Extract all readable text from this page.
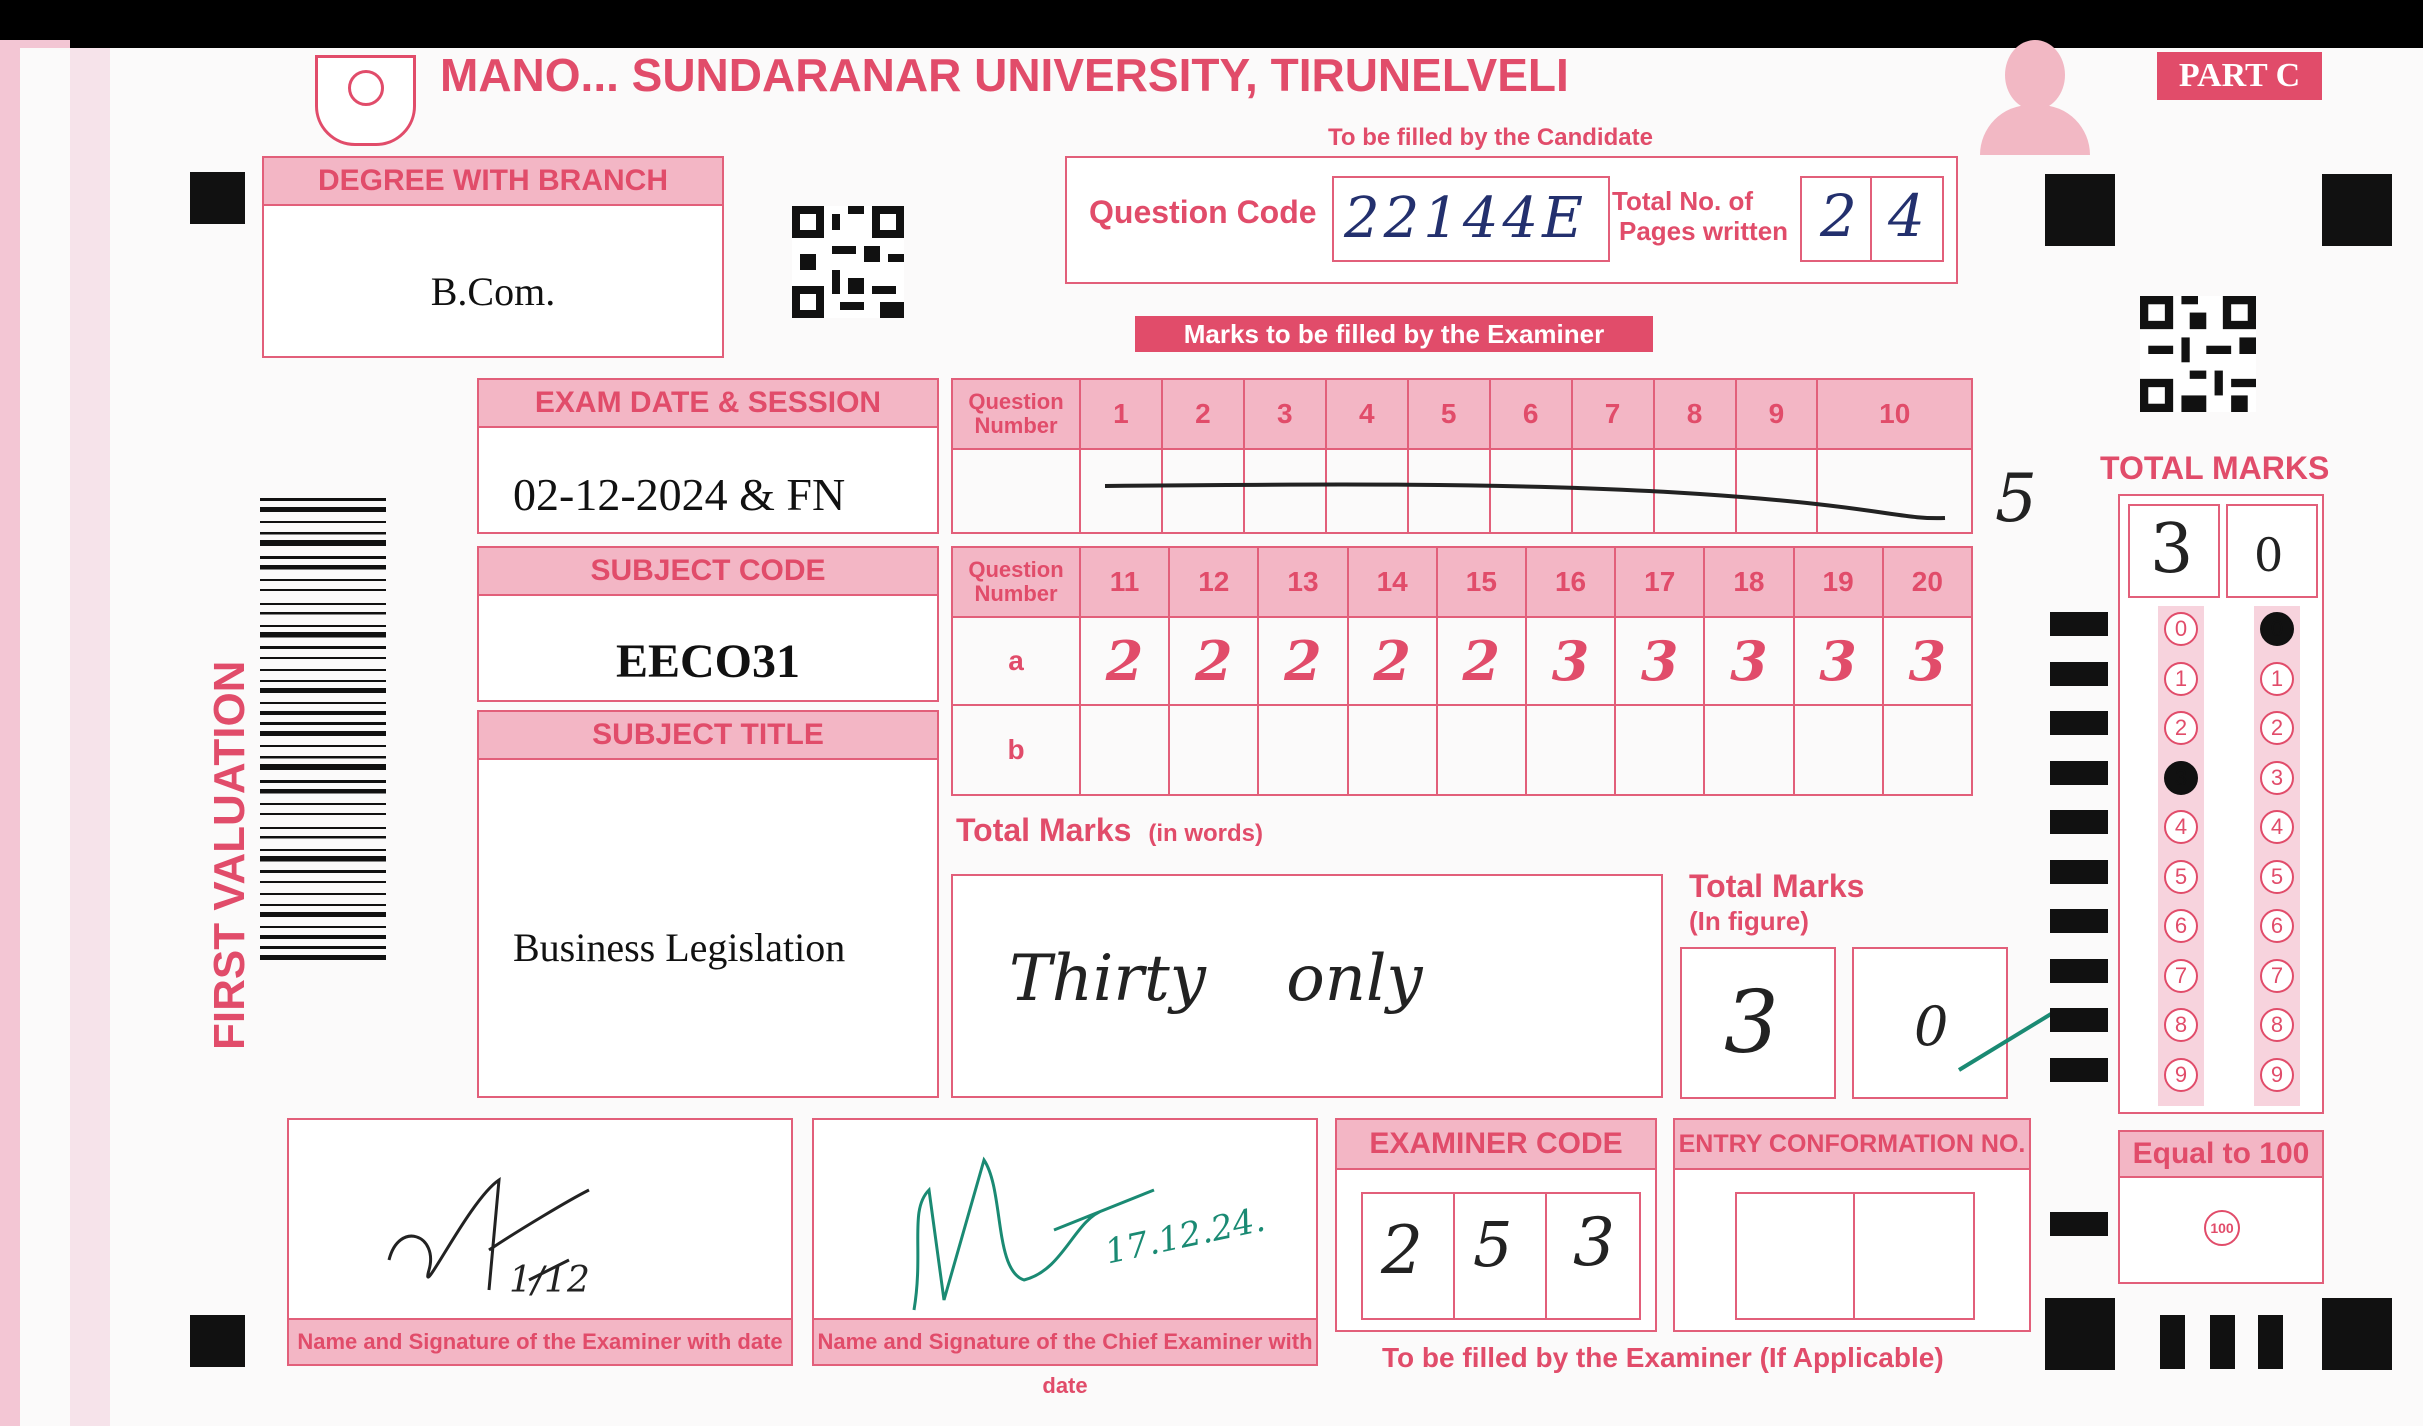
MANO... SUNDARANAR UNIVERSITY, TIRUNELVELI
To be filled by the Candidate
PART C
FIRST VALUATION
DEGREE WITH BRANCH
B.Com.
Question Code 22144E Total No. of
Pages written 2 4
Marks to be filled by the Examiner
EXAM DATE & SESSION
02-12-2024 & FN
SUBJECT CODE
EECO31
SUBJECT TITLE
Business Legislation
Question Number	1	2	3	4	5	6	7	8	9	10

5
Question Number	11	12	13	14	15	16	17	18	19	20
a	2	2	2	2	2	3	3	3	3	3
b										
Total Marks (in words)
Thirty only
Total Marks
(In figure)
3	0
TOTAL MARKS
3 0
0
1
2
3
4
5
6
7
8
9
0
1
2
3
4
5
6
7
8
9
Equal to 100
100
1/12
Name and Signature of the Examiner with date
17.12.24.
Name and Signature of the Chief Examiner with date
EXAMINER CODE
2 5 3
ENTRY CONFORMATION NO.
To be filled by the Examiner (If Applicable)
